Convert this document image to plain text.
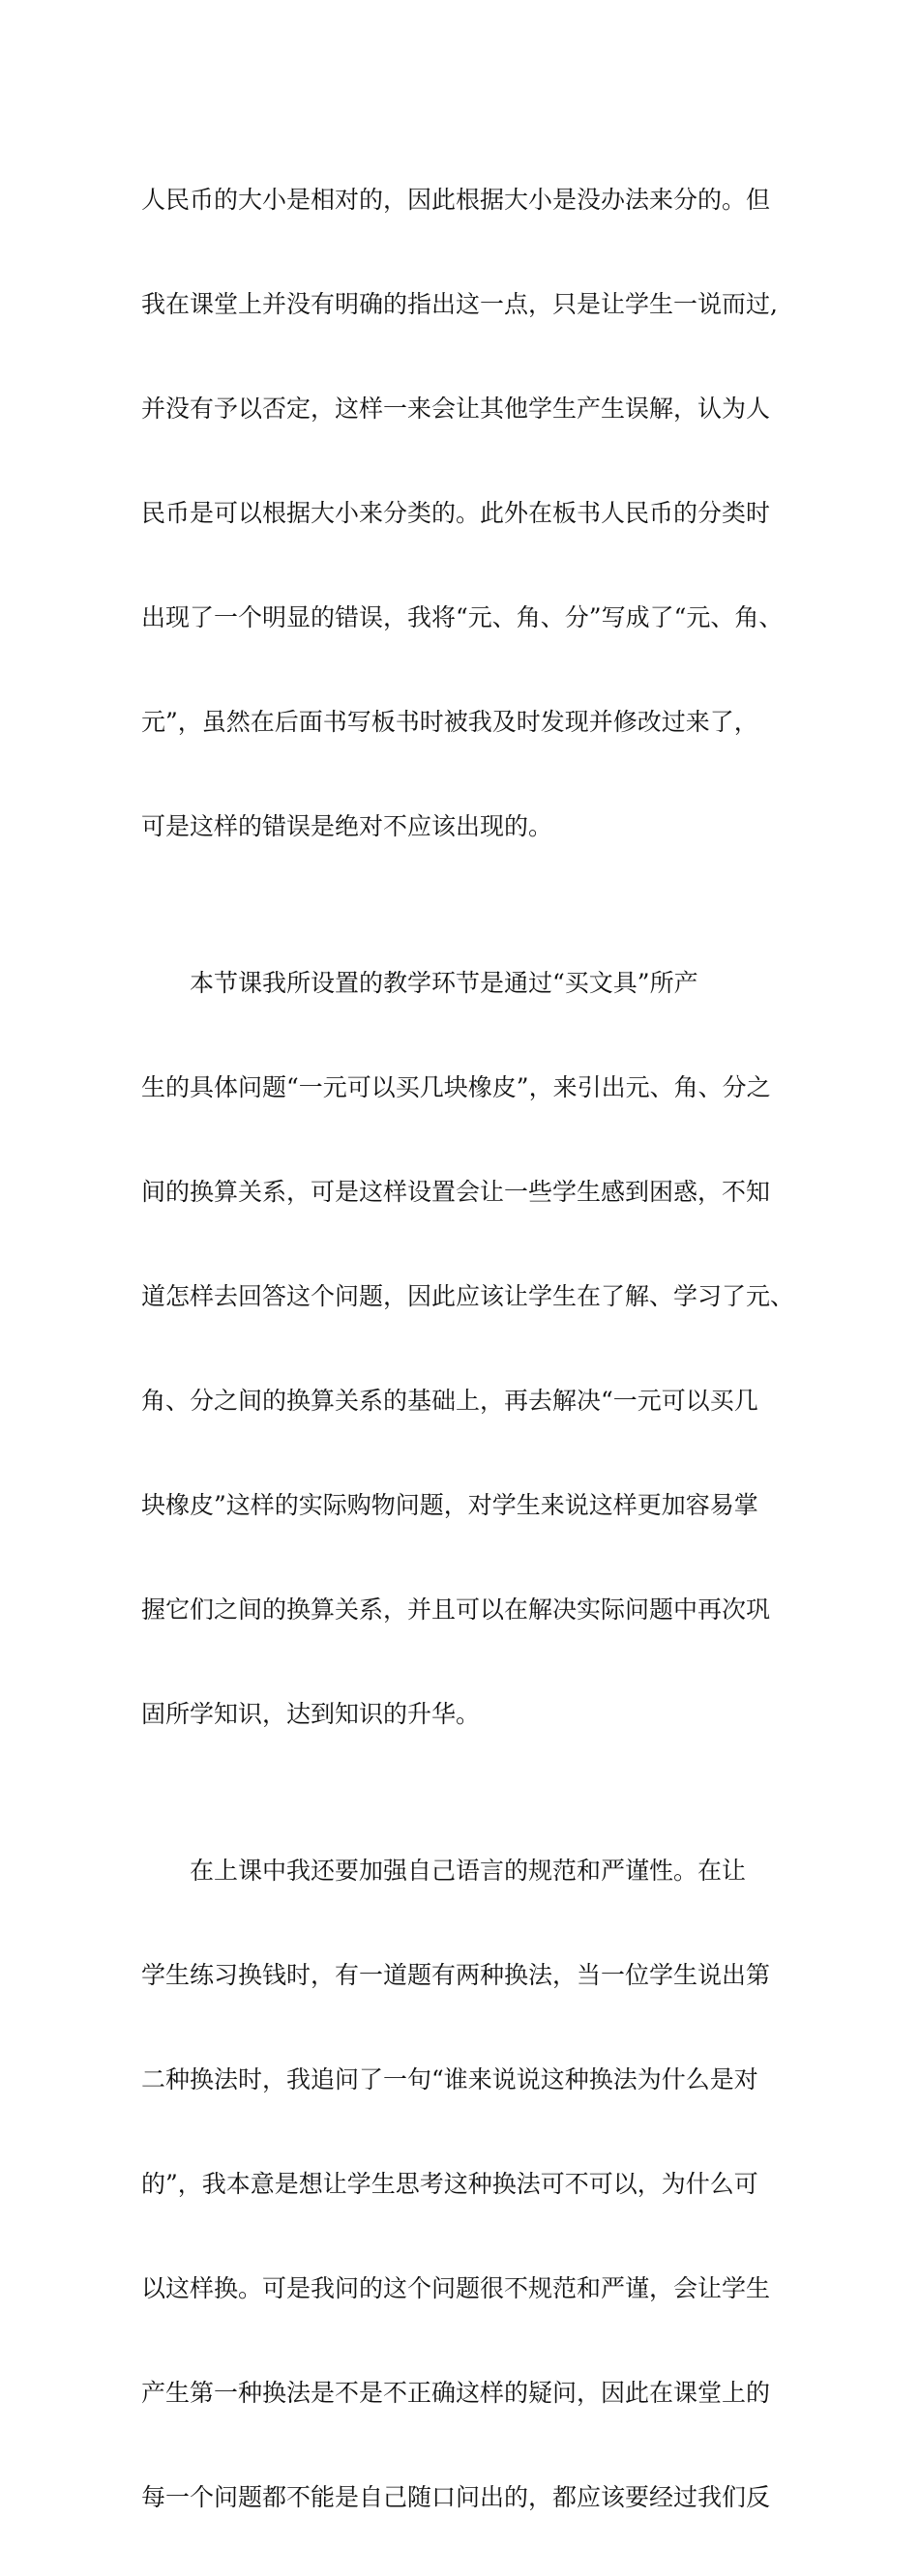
人民币的大小是相对的，因此根据大小是没办法来分的。但

我在课堂上并没有明确的指出这一点，只是让学生一说而过,

并没有予以否定，这样一来会让其他学生产生误解，认为人

民币是可以根据大小来分类的。此外在板书人民币的分类时

出现了一个明显的错误，我将“元、角、分”写成了“元、角、

元”，虽然在后面书写板书时被我及时发现并修改过来了，

可是这样的错误是绝对不应该出现的。

　　本节课我所设置的教学环节是通过“买文具”所产

生的具体问题“一元可以买几块橡皮”，来引出元、角、分之

间的换算关系，可是这样设置会让一些学生感到困惑，不知

道怎样去回答这个问题，因此应该让学生在了解、学习了元、

角、分之间的换算关系的基础上，再去解决“一元可以买几

块橡皮”这样的实际购物问题，对学生来说这样更加容易掌

握它们之间的换算关系，并且可以在解决实际问题中再次巩

固所学知识，达到知识的升华。

　　在上课中我还要加强自己语言的规范和严谨性。在让

学生练习换钱时，有一道题有两种换法，当一位学生说出第

二种换法时，我追问了一句“谁来说说这种换法为什么是对

的”，我本意是想让学生思考这种换法可不可以，为什么可

以这样换。可是我问的这个问题很不规范和严谨，会让学生

产生第一种换法是不是不正确这样的疑问，因此在课堂上的

每一个问题都不能是自己随口问出的，都应该要经过我们反
